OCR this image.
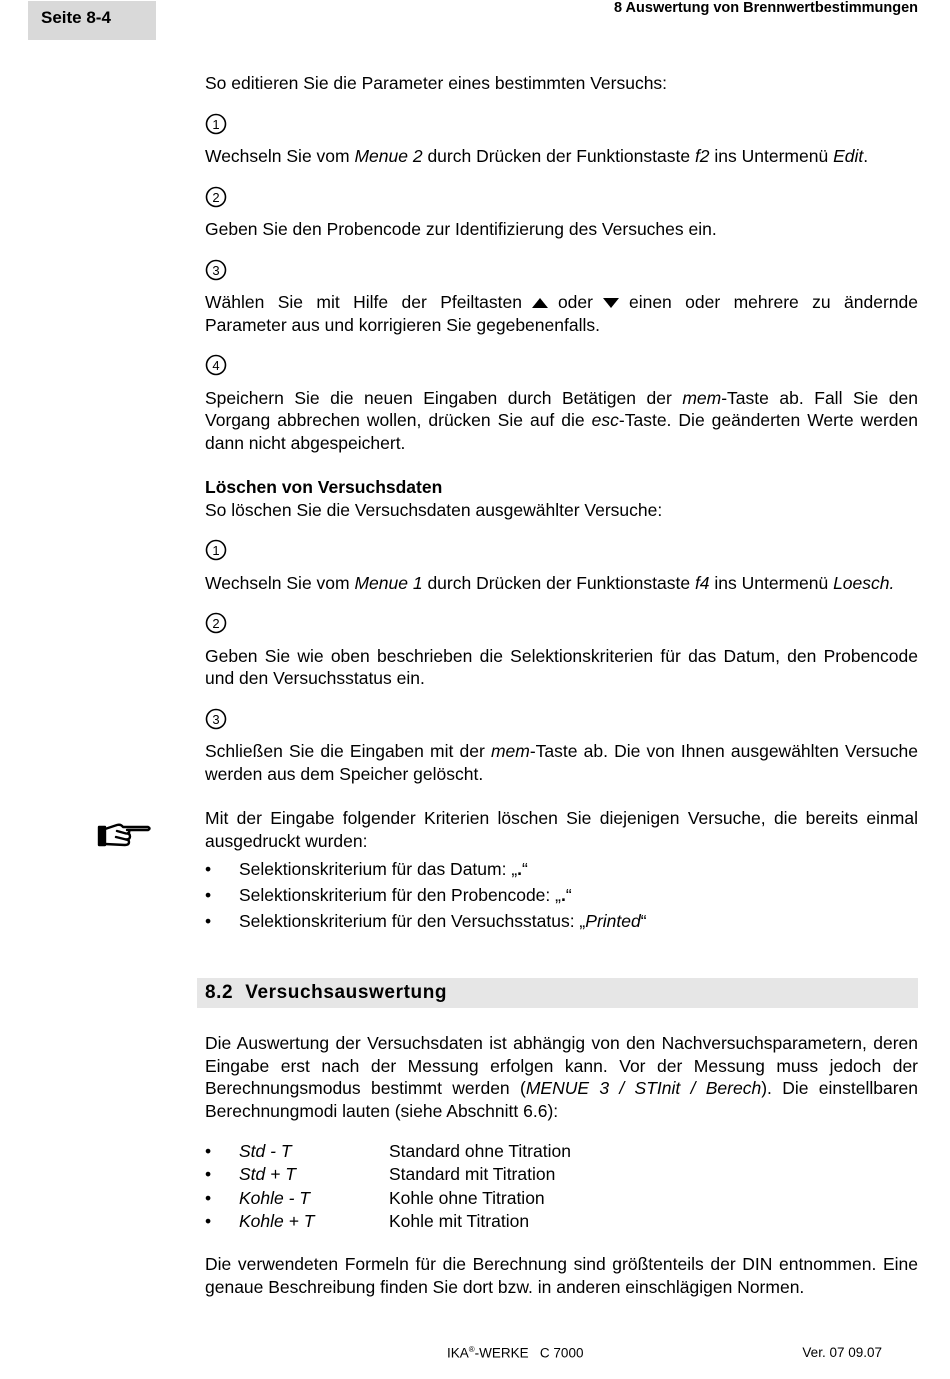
Seite 8-4	8 Auswertung von Brennwertbestimmungen

So editieren Sie die Parameter eines bestimmten Versuchs:

1

Wechseln Sie vom Menue 2 durch Drücken der Funktionstaste f2 ins Untermenü Edit.

2

Geben Sie den Probencode zur Identifizierung des Versuches ein.

3

Wählen Sie mit Hilfe der Pfeiltasten oder einen oder mehrere zu ändernde Parameter aus und korrigieren Sie gegebenenfalls.

4

Speichern Sie die neuen Eingaben durch Betätigen der mem-Taste ab. Fall Sie den Vorgang abbrechen wollen, drücken Sie auf die esc-Taste. Die geänderten Werte werden dann nicht abgespeichert.

Löschen von Versuchsdaten

So löschen Sie die Versuchsdaten ausgewählter Versuche:

1

Wechseln Sie vom Menue 1 durch Drücken der Funktionstaste f4 ins Untermenü Loesch.

2

Geben Sie wie oben beschrieben die Selektionskriterien für das Datum, den Probencode und den Versuchsstatus ein.

3

Schließen Sie die Eingaben mit der mem-Taste ab. Die von Ihnen ausgewählten Versuche werden aus dem Speicher gelöscht.

Mit der Eingabe folgender Kriterien löschen Sie diejenigen Versuche, die bereits einmal ausgedruckt wurden:

• Selektionskriterium für das Datum: „.“
• Selektionskriterium für den Probencode: „.“
• Selektionskriterium für den Versuchsstatus: „Printed“
8.2 Versuchsauswertung

Die Auswertung der Versuchsdaten ist abhängig von den Nachversuchsparametern, deren Eingabe erst nach der Messung erfolgen kann. Vor der Messung muss jedoch der Berechnungsmodus bestimmt werden (MENUE 3 / STInit / Berech). Die einstellbaren Berechnungmodi lauten (siehe Abschnitt 6.6):

•	Std - T	Standard ohne Titration
•	Std + T	Standard mit Titration
•	Kohle - T	Kohle ohne Titration
•	Kohle + T	Kohle mit Titration

Die verwendeten Formeln für die Berechnung sind größtenteils der DIN entnommen. Eine genaue Beschreibung finden Sie dort bzw. in anderen einschlägigen Normen.

IKA®-WERKE   C 7000	Ver. 07 09.07
